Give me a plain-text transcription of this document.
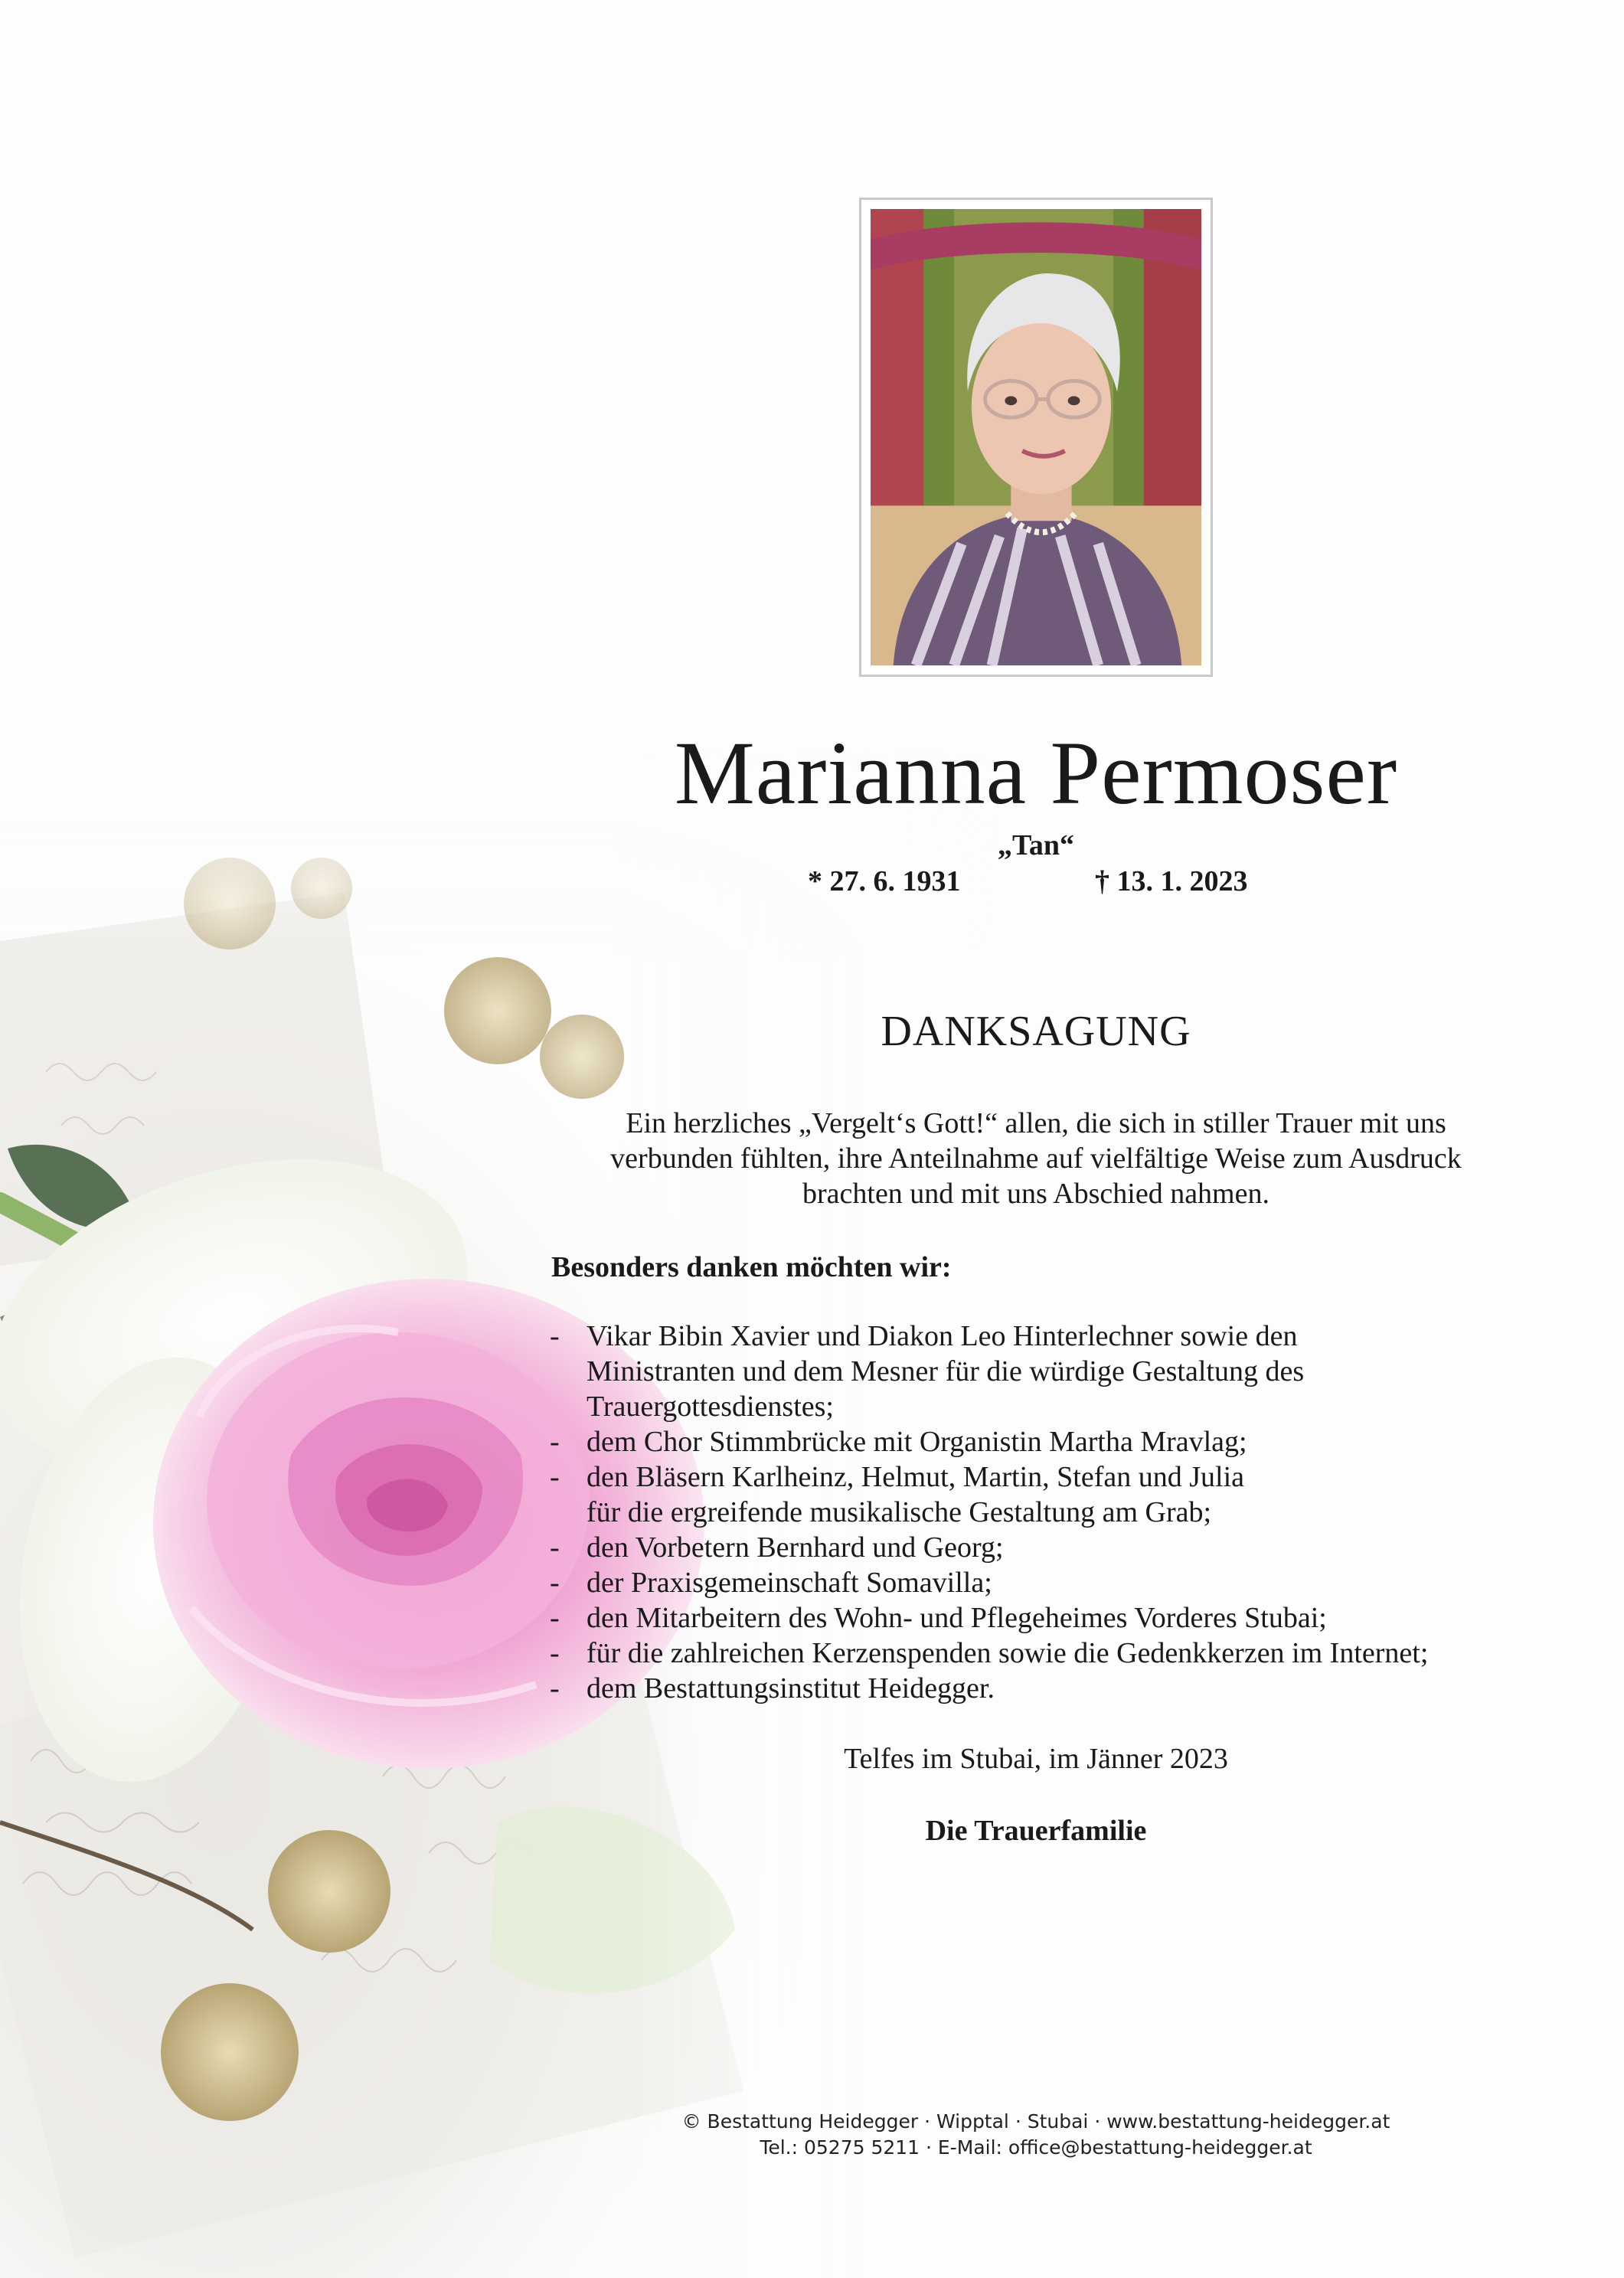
Marianna Permoser
„Tan“
* 27. 6. 1931	† 13. 1. 2023
DANKSAGUNG
Ein herzliches „Vergelt‘s Gott!“ allen, die sich in stiller Trauer mit uns
verbunden fühlten, ihre Anteilnahme auf vielfältige Weise zum Ausdruck
brachten und mit uns Abschied nahmen.
Besonders danken möchten wir:
- Vikar Bibin Xavier und Diakon Leo Hinterlechner sowie den
Ministranten und dem Mesner für die würdige Gestaltung des
Trauergottesdienstes;
- dem Chor Stimmbrücke mit Organistin Martha Mravlag;
- den Bläsern Karlheinz, Helmut, Martin, Stefan und Julia
für die ergreifende musikalische Gestaltung am Grab;
- den Vorbetern Bernhard und Georg;
- der Praxisgemeinschaft Somavilla;
- den Mitarbeitern des Wohn- und Pflegeheimes Vorderes Stubai;
- für die zahlreichen Kerzenspenden sowie die Gedenkkerzen im Internet;
- dem Bestattungsinstitut Heidegger.
Telfes im Stubai, im Jänner 2023
Die Trauerfamilie
© Bestattung Heidegger · Wipptal · Stubai · www.bestattung-heidegger.at
Tel.: 05275 5211 · E-Mail: office@bestattung-heidegger.at
